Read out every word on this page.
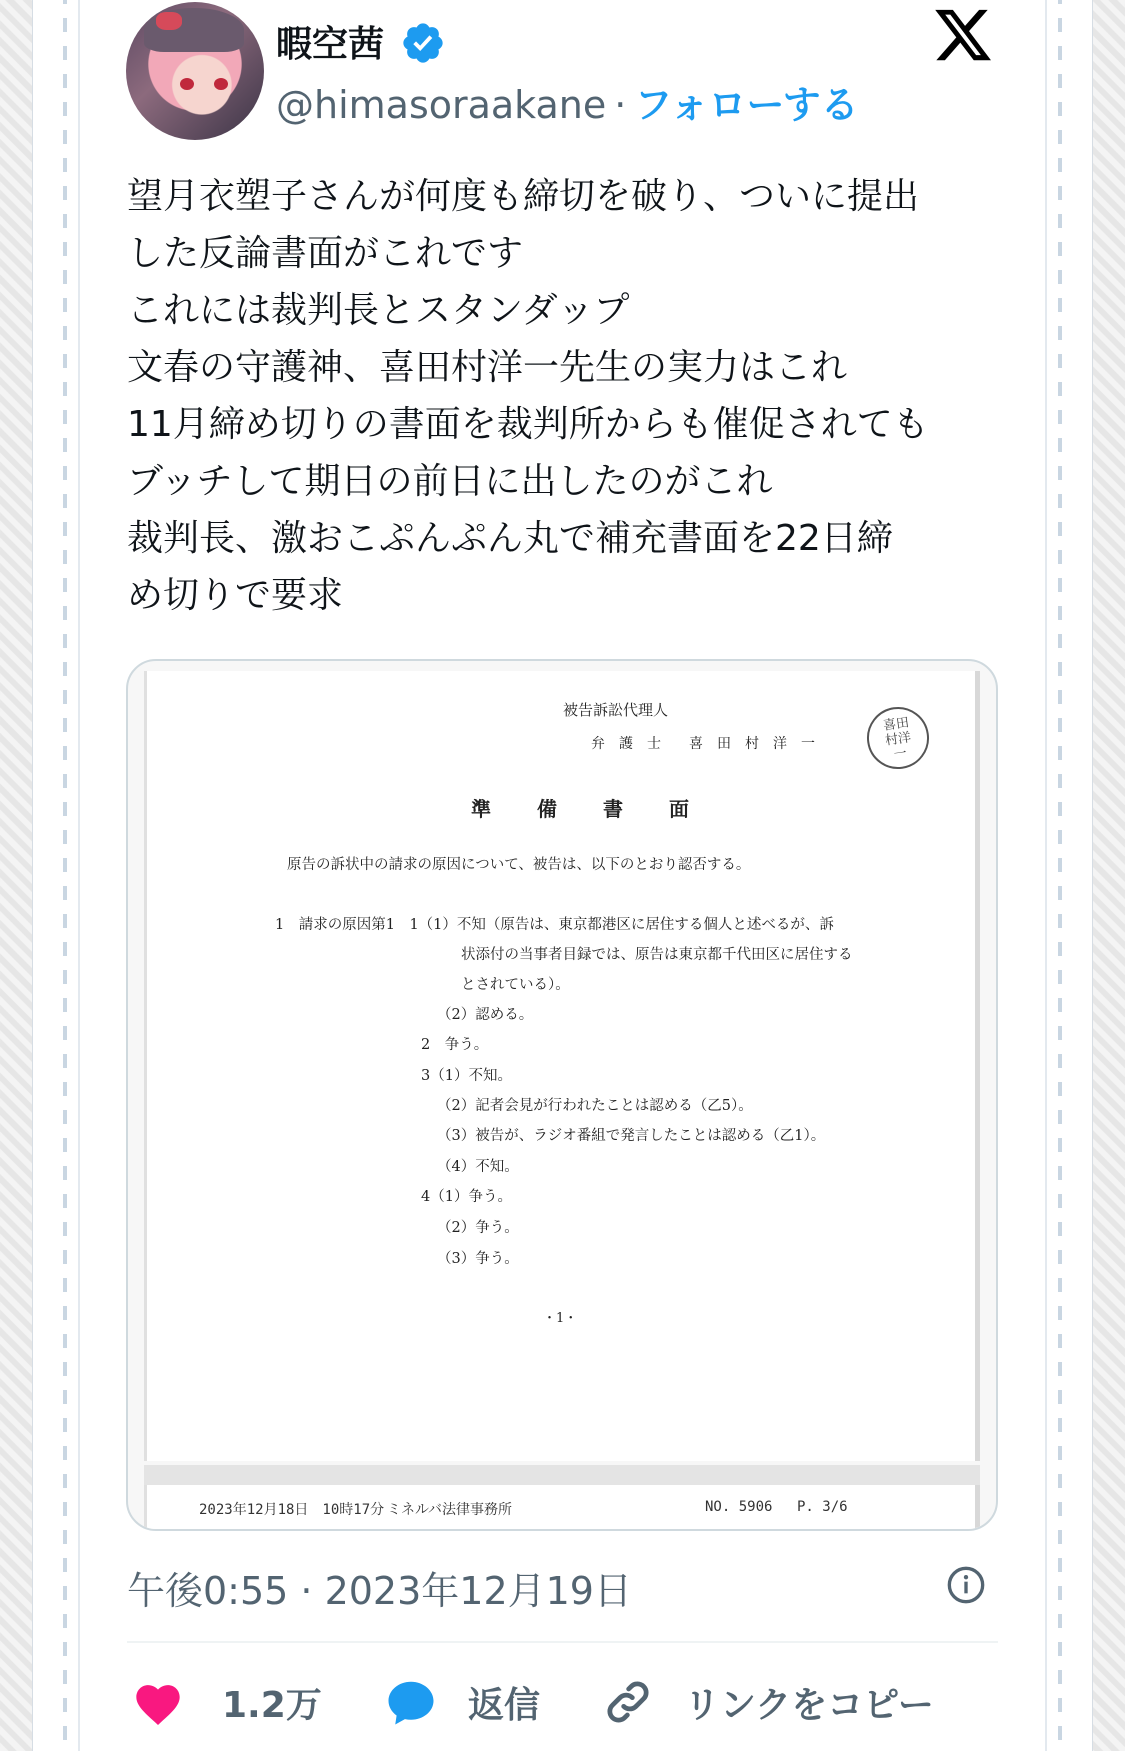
暇空茜
@himasoraakane · フォローする
望月衣塑子さんが何度も締切を破り、ついに提出
した反論書面がこれです
これには裁判長とスタンダップ
文春の守護神、喜田村洋一先生の実力はこれ
11月締め切りの書面を裁判所からも催促されても
ブッチして期日の前日に出したのがこれ
裁判長、激おこぷんぷん丸で補充書面を22日締
め切りで要求
被告訴訟代理人
弁　護　士　　喜　田　村　洋　一
喜田
村洋
一
準備書面
原告の訴状中の請求の原因について、被告は、以下のとおり認否する。
1　請求の原因第1　1（1）不知（原告は、東京都港区に居住する個人と述べるが、訴
状添付の当事者目録では、原告は東京都千代田区に居住する
とされている）。
（2）認める。
2　争う。
3（1）不知。
（2）記者会見が行われたことは認める（乙5）。
（3）被告が、ラジオ番組で発言したことは認める（乙1）。
（4）不知。
4（1）争う。
（2）争う。
（3）争う。
・1・
2023年12月18日　10時17分 ミネルバ法律事務所	NO. 5906 P. 3/6
午後0:55 · 2023年12月19日
1.2万	返信	リンクをコピー
